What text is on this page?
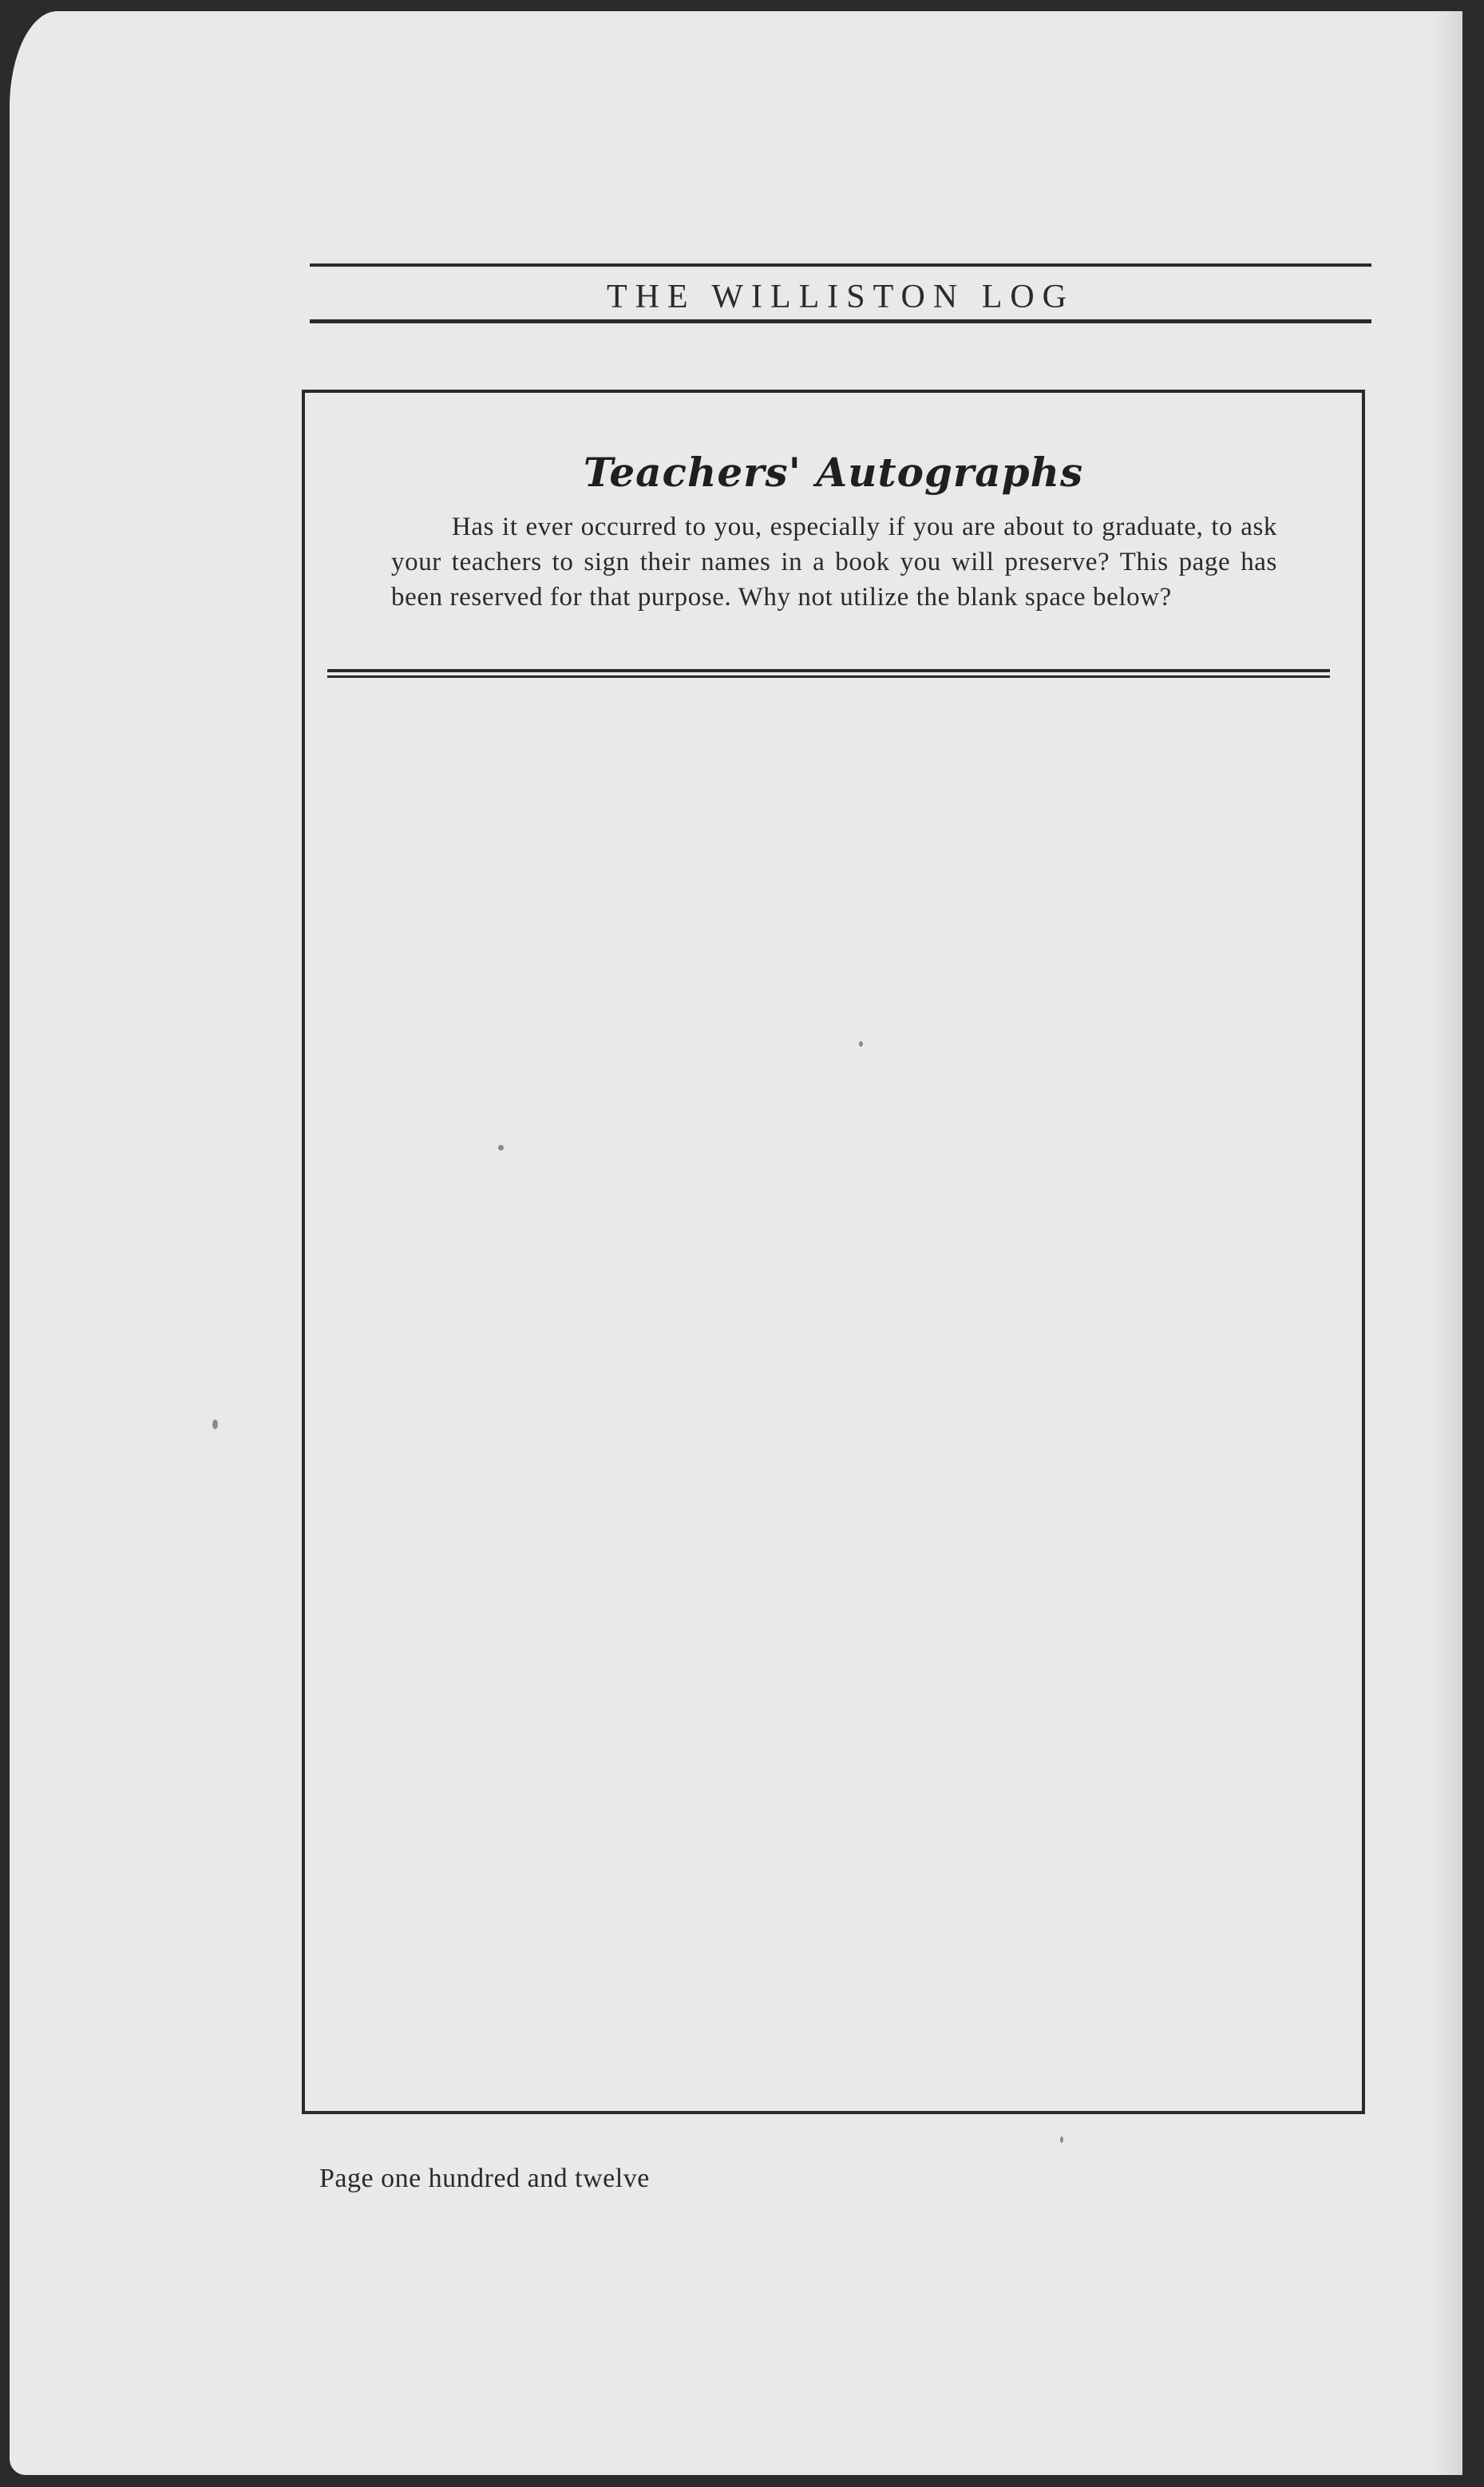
THE WILLISTON LOG
Teachers' Autographs
Has it ever occurred to you, especially if you are about to graduate, to ask your teachers to sign their names in a book you will preserve? This page has been reserved for that purpose. Why not utilize the blank space below?
Page one hundred and twelve
